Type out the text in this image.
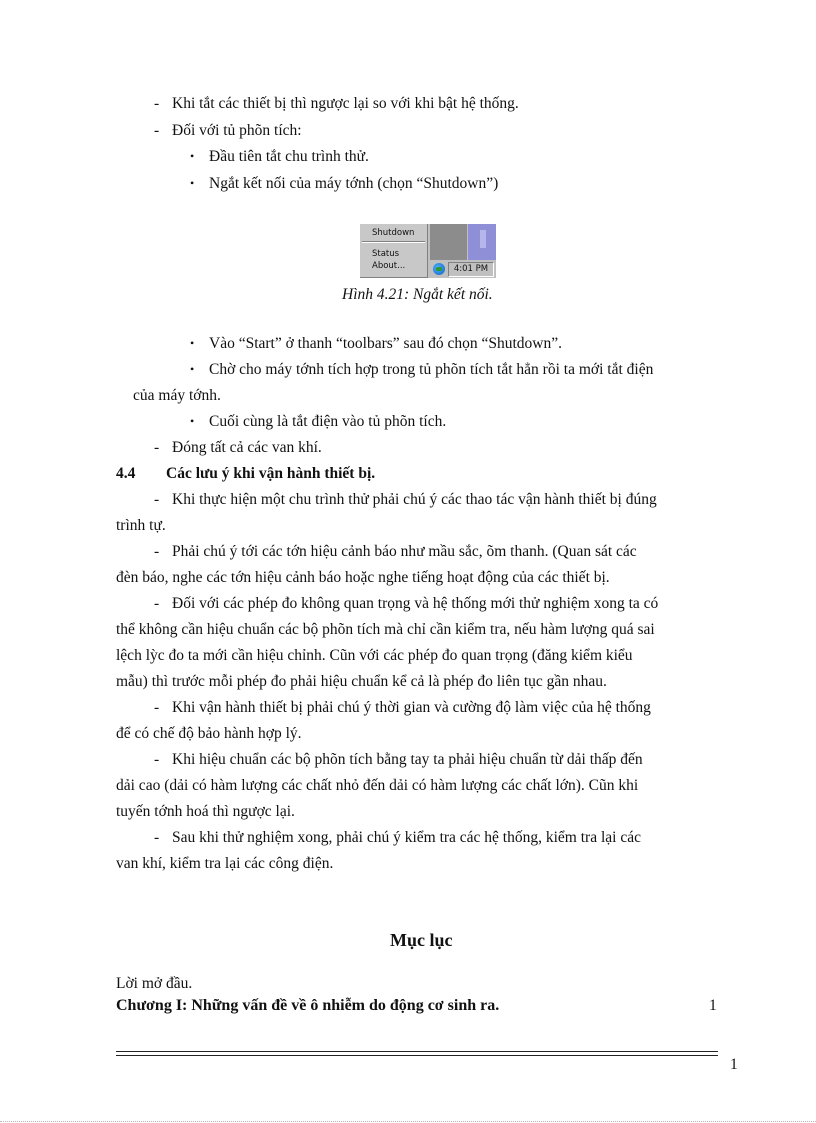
- Khi tắt các thiết bị thì ngược lại so với khi bật hệ thống.
- Đối với tủ phõn tích:
• Đầu tiên tắt chu trình thử.
• Ngắt kết nối của máy tớnh (chọn “Shutdown”)
Shutdown
Status
About...	4:01 PM
Hình 4.21: Ngắt kết nối.
• Vào “Start” ở thanh “toolbars” sau đó chọn “Shutdown”.
• Chờ cho máy tớnh tích hợp trong tủ phõn tích tắt hẳn rồi ta mới tắt điện
của máy tớnh.
• Cuối cùng là tắt điện vào tủ phõn tích.
- Đóng tất cả các van khí.
4.4 Các lưu ý khi vận hành thiết bị.
- Khi thực hiện một chu trình thử phải chú ý các thao tác vận hành thiết bị đúng
trình tự.
- Phải chú ý tới các tớn hiệu cảnh báo như mầu sắc, õm thanh. (Quan sát các
đèn báo, nghe các tớn hiệu cảnh báo hoặc nghe tiếng hoạt động của các thiết bị.
- Đối với các phép đo không quan trọng và hệ thống mới thử nghiệm xong ta có
thể không cần hiệu chuẩn các bộ phõn tích mà chỉ cần kiểm tra, nếu hàm lượng quá sai
lệch lỳc đo ta mới cần hiệu chỉnh. Cũn với các phép đo quan trọng (đăng kiểm kiểu
mẫu) thì trước mỗi phép đo phải hiệu chuẩn kể cả là phép đo liên tục gần nhau.
- Khi vận hành thiết bị phải chú ý thời gian và cường độ làm việc của hệ thống
để có chế độ bảo hành hợp lý.
- Khi hiệu chuẩn các bộ phõn tích bằng tay ta phải hiệu chuẩn từ dải thấp đến
dải cao (dải có hàm lượng các chất nhỏ đến dải có hàm lượng các chất lớn). Cũn khi
tuyến tớnh hoá thì ngược lại.
- Sau khi thử nghiệm xong, phải chú ý kiểm tra các hệ thống, kiểm tra lại các
van khí, kiểm tra lại các công điện.
Mục lục
Lời mở đầu.
Chương I: Những vấn đề về ô nhiễm do động cơ sinh ra.	1
1
